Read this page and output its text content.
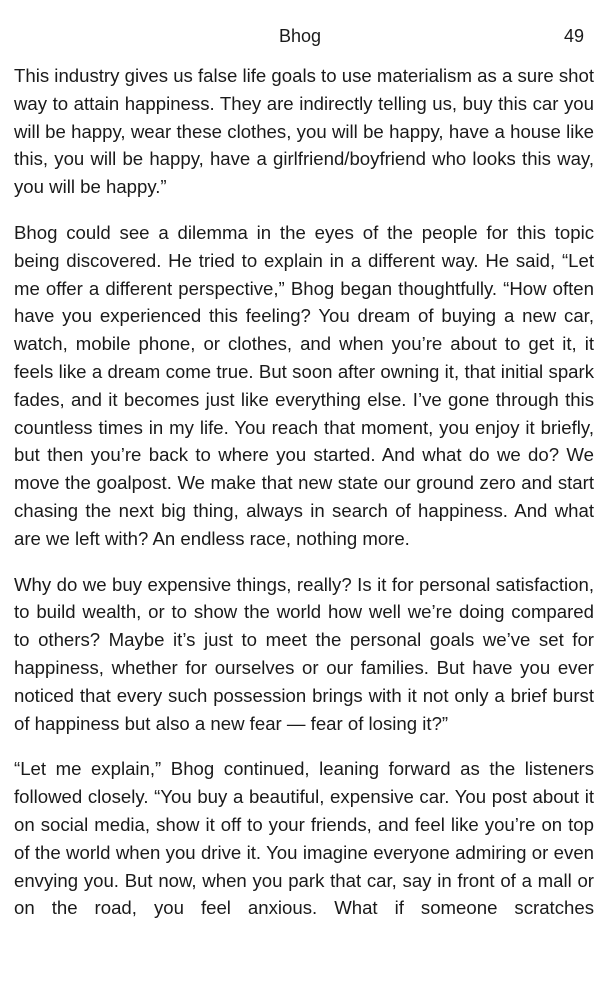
Bhog	49

This industry gives us false life goals to use materialism as a sure shot way to attain happiness. They are indirectly telling us, buy this car you will be happy, wear these clothes, you will be happy, have a house like this, you will be happy, have a girlfriend/boyfriend who looks this way, you will be happy.”

Bhog could see a dilemma in the eyes of the people for this topic being discovered. He tried to explain in a different way. He said, “Let me offer a different perspective,” Bhog began thoughtfully. “How often have you experienced this feeling? You dream of buying a new car, watch, mobile phone, or clothes, and when you’re about to get it, it feels like a dream come true. But soon after owning it, that initial spark fades, and it becomes just like everything else. I’ve gone through this countless times in my life. You reach that moment, you enjoy it briefly, but then you’re back to where you started. And what do we do? We move the goalpost. We make that new state our ground zero and start chasing the next big thing, always in search of happiness. And what are we left with? An endless race, nothing more.

Why do we buy expensive things, really? Is it for personal satisfaction, to build wealth, or to show the world how well we’re doing compared to others? Maybe it’s just to meet the personal goals we’ve set for happiness, whether for ourselves or our families. But have you ever noticed that every such possession brings with it not only a brief burst of happiness but also a new fear — fear of losing it?”

“Let me explain,” Bhog continued, leaning forward as the listeners followed closely. “You buy a beautiful, expensive car. You post about it on social media, show it off to your friends, and feel like you’re on top of the world when you drive it. You imagine everyone admiring or even envying you. But now, when you park that car, say in front of a mall or on the road, you feel anxious. What if someone scratches
